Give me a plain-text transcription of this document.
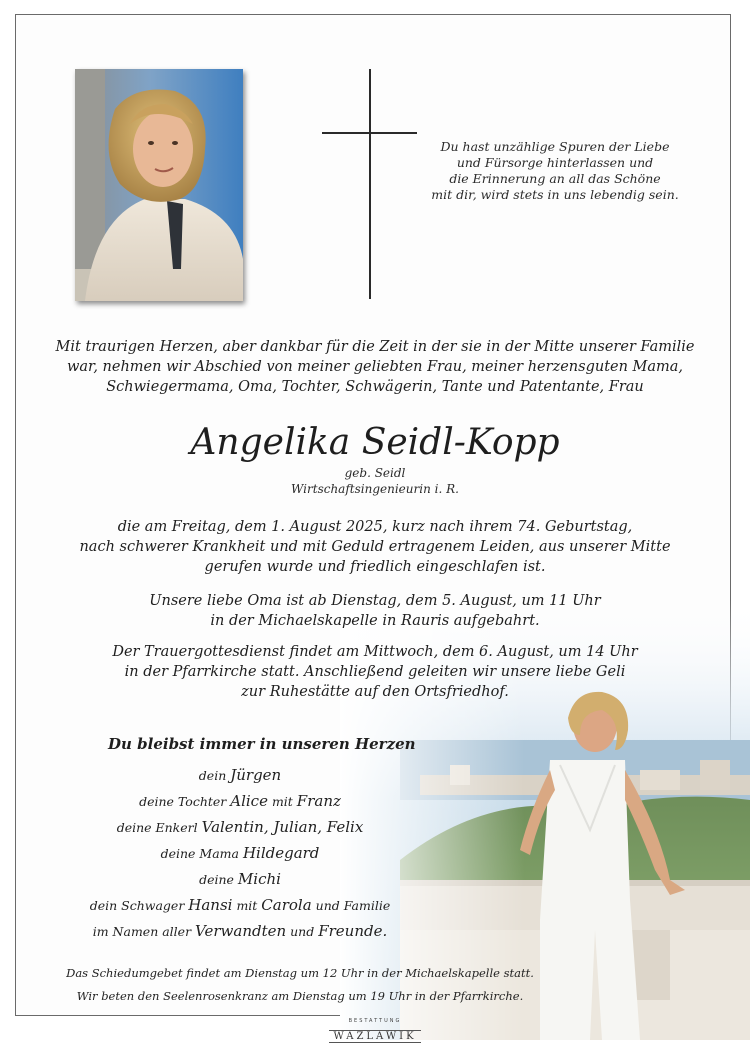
Du hast unzählige Spuren der Liebe
und Fürsorge hinterlassen und
die Erinnerung an all das Schöne
mit dir, wird stets in uns lebendig sein.
Mit traurigen Herzen, aber dankbar für die Zeit in der sie in der Mitte unserer Familie
war, nehmen wir Abschied von meiner geliebten Frau, meiner herzensguten Mama,
Schwiegermama, Oma, Tochter, Schwägerin, Tante und Patentante, Frau
Angelika Seidl-Kopp
geb. Seidl
Wirtschaftsingenieurin i. R.
die am Freitag, dem 1. August 2025, kurz nach ihrem 74. Geburtstag,
nach schwerer Krankheit und mit Geduld ertragenem Leiden, aus unserer Mitte
gerufen wurde und friedlich eingeschlafen ist.
Unsere liebe Oma ist ab Dienstag, dem 5. August, um 11 Uhr
in der Michaelskapelle in Rauris aufgebahrt.
Der Trauergottesdienst findet am Mittwoch, dem 6. August, um 14 Uhr
in der Pfarrkirche statt. Anschließend geleiten wir unsere liebe Geli
zur Ruhestätte auf den Ortsfriedhof.
Du bleibst immer in unseren Herzen
dein Jürgen
deine Tochter Alice mit Franz
deine Enkerl Valentin, Julian, Felix
deine Mama Hildegard
deine Michi
dein Schwager Hansi mit Carola und Familie
im Namen aller Verwandten und Freunde.
Das Schiedumgebet findet am Dienstag um 12 Uhr in der Michaelskapelle statt.
Wir beten den Seelenrosenkranz am Dienstag um 19 Uhr in der Pfarrkirche.
BESTATTUNG
WAZLAWIK
